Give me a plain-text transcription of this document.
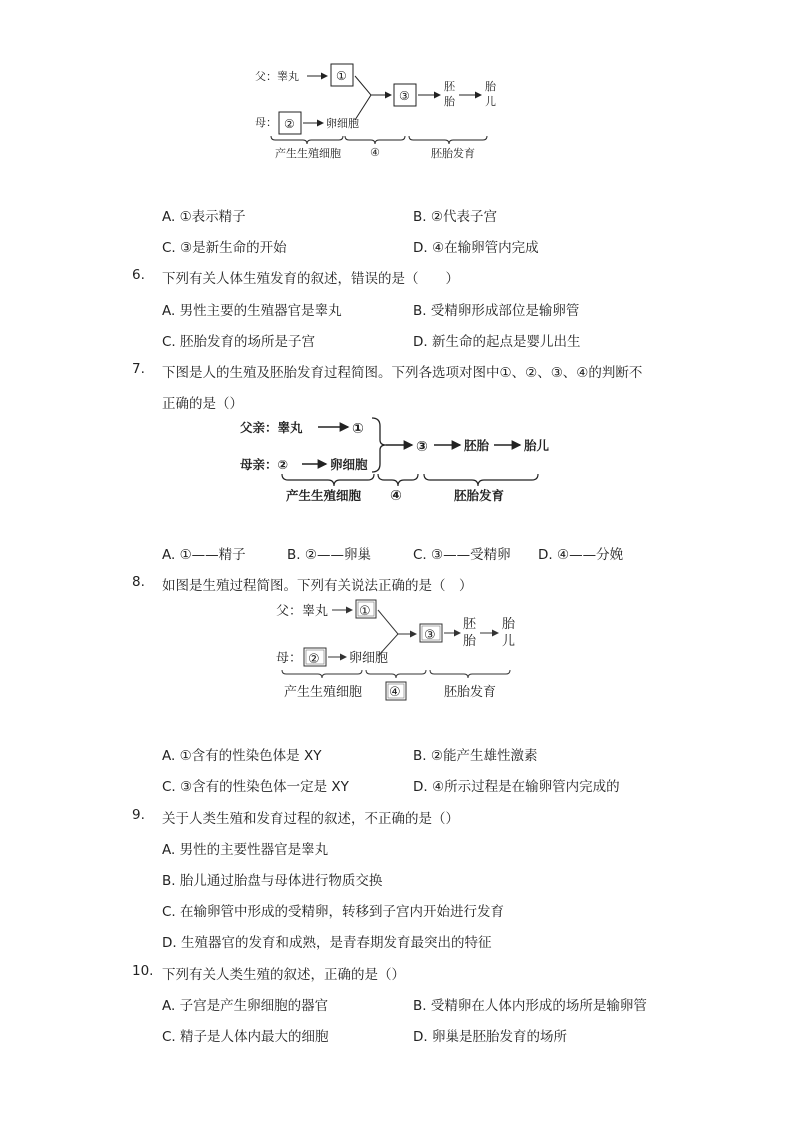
父：睾丸	①
母： ②	卵细胞
③
胚
胎
胎
儿
产生生殖细胞	④	胚胎发育
A. ①表示精子	B. ②代表子宫
C. ③是新生命的开始	D. ④在输卵管内完成
6. 下列有关人体生殖发育的叙述，错误的是（　　）
A. 男性主要的生殖器官是睾丸	B. 受精卵形成部位是输卵管
C. 胚胎发育的场所是子宫	D. 新生命的起点是婴儿出生
7. 下图是人的生殖及胚胎发育过程简图。下列各选项对图中①、②、③、④的判断不
正确的是（）
父亲：睾丸	①
母亲：②	卵细胞
③	胚胎	胎儿
产生生殖细胞 ④	胚胎发育
A. ①——精子	B. ②——卵巢	C. ③——受精卵 D. ④——分娩
8. 如图是生殖过程简图。下列有关说法正确的是（　）
父：睾丸 ①
母： ② 卵细胞
③
胚
胎
胎
儿
产生生殖细胞 ④	胚胎发育
A. ①含有的性染色体是 XY	B. ②能产生雄性激素
C. ③含有的性染色体一定是 XY	D. ④所示过程是在输卵管内完成的
9. 关于人类生殖和发育过程的叙述，不正确的是（）
A. 男性的主要性器官是睾丸
B. 胎儿通过胎盘与母体进行物质交换
C. 在输卵管中形成的受精卵，转移到子宫内开始进行发育
D. 生殖器官的发育和成熟，是青春期发育最突出的特征
10. 下列有关人类生殖的叙述，正确的是（）
A. 子宫是产生卵细胞的器官	B. 受精卵在人体内形成的场所是输卵管
C. 精子是人体内最大的细胞	D. 卵巢是胚胎发育的场所
